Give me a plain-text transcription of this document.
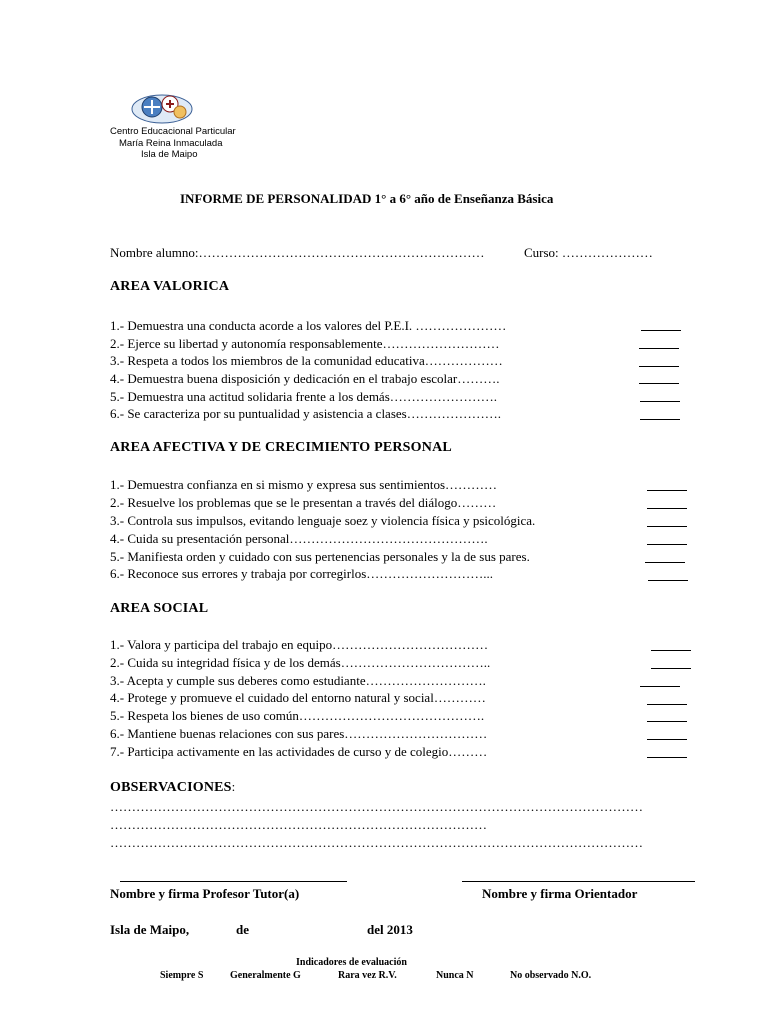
Centro Educacional Particular
María Reina Inmaculada
Isla de Maipo
INFORME DE PERSONALIDAD 1° a 6° año de Enseñanza Básica
Nombre alumno:…………………………………………………………	Curso: …………………
AREA VALORICA
1.- Demuestra una conducta acorde a los valores del P.E.I. …………………
2.- Ejerce su libertad y autonomía responsablemente………………………
3.- Respeta a todos los miembros de la comunidad educativa………………
4.- Demuestra buena disposición y dedicación en el trabajo escolar……….
5.- Demuestra una actitud solidaria frente a los demás…………………….
6.- Se caracteriza por su puntualidad y asistencia a clases………………….
AREA AFECTIVA Y DE CRECIMIENTO PERSONAL
1.- Demuestra confianza en si mismo y expresa sus sentimientos…………
2.- Resuelve los problemas que se le presentan a través del diálogo………
3.- Controla sus impulsos, evitando lenguaje soez y violencia física y psicológica.
4.- Cuida su presentación personal……………………………………….
5.- Manifiesta orden y cuidado con sus pertenencias personales y la de sus pares.
6.- Reconoce sus errores y trabaja por corregirlos………………………...
AREA SOCIAL
1.- Valora y participa del trabajo en equipo………………………………
2.- Cuida su integridad física y de los demás……………………………..
3.- Acepta y cumple sus deberes como estudiante……………………….
4.- Protege y promueve el cuidado del entorno natural y social…………
5.- Respeta los bienes de uso común…………………………………….
6.- Mantiene buenas relaciones con sus pares……………………………
7.- Participa activamente en las actividades de curso y de colegio………
OBSERVACIONES:
……………………………………………………………………………………………………………
……………………………………………………………………………
……………………………………………………………………………………………………………
Nombre y firma Profesor Tutor(a)	Nombre y firma Orientador
Isla de Maipo,	de	del 2013
Indicadores de evaluación
Siempre S	Generalmente G	Rara vez R.V.	Nunca N	No observado N.O.
